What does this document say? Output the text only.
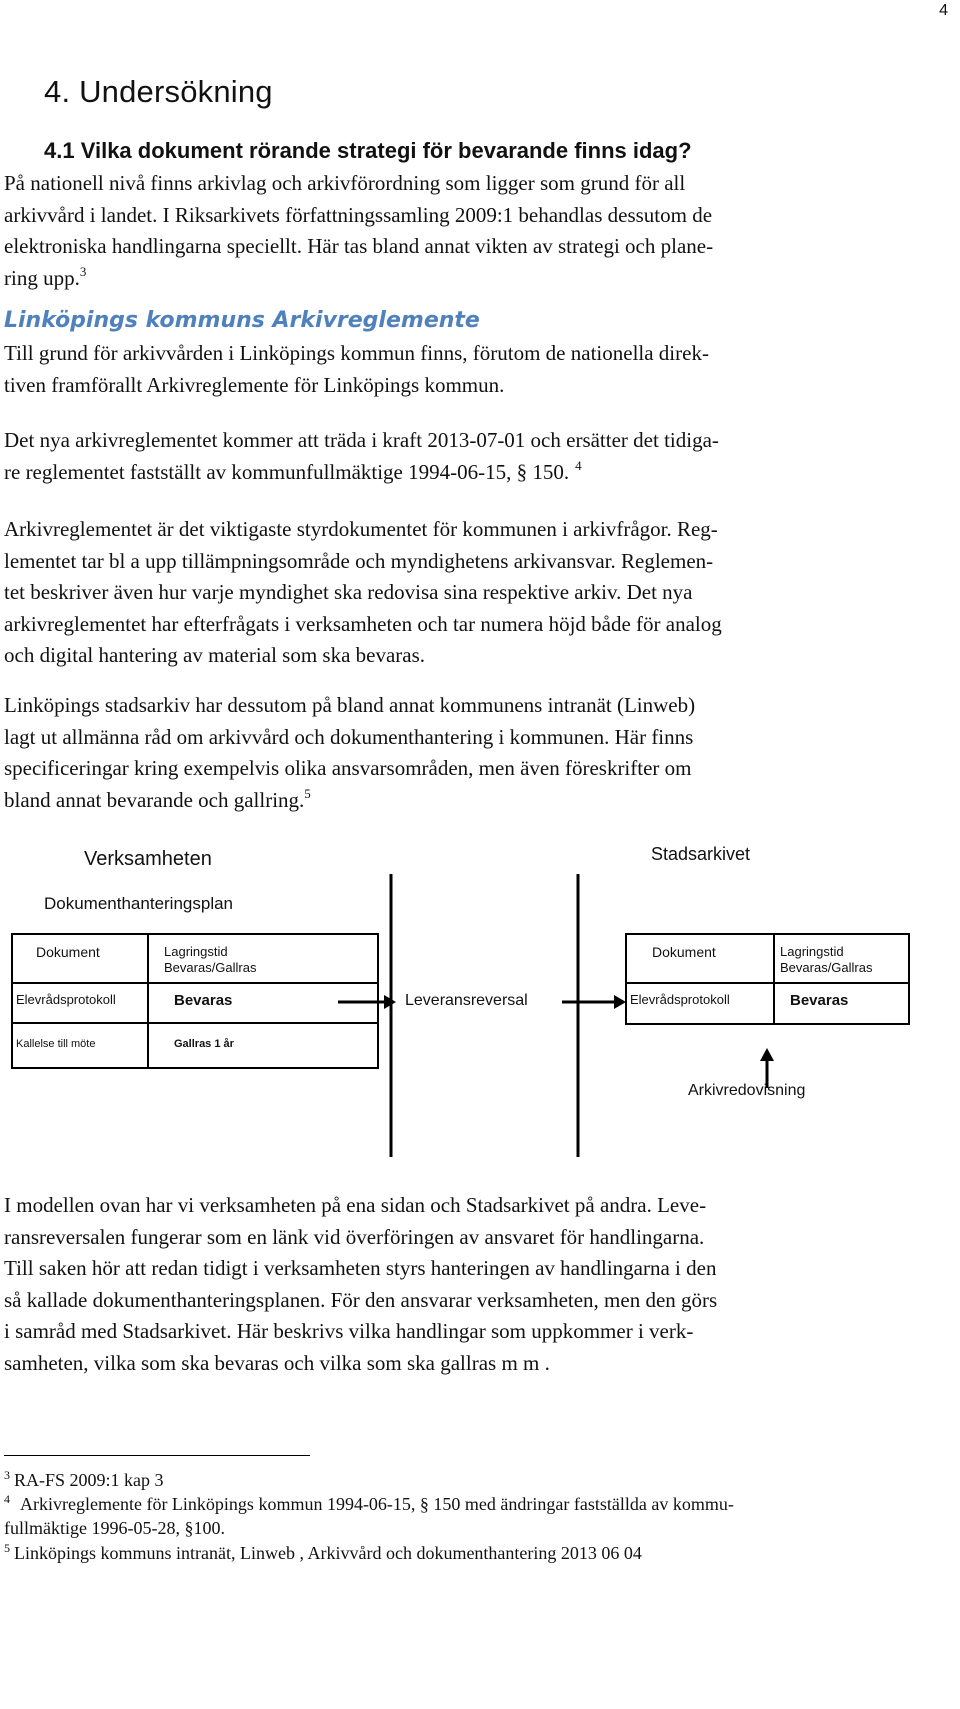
4
4. Undersökning
4.1 Vilka dokument rörande strategi för bevarande finns idag?

På nationell nivå finns arkivlag och arkivförordning som ligger som grund för all
arkivvård i landet. I Riksarkivets författningssamling 2009:1 behandlas dessutom de
elektroniska handlingarna speciellt. Här tas bland annat vikten av strategi och plane-
ring upp.$^3$

Linköpings kommuns Arkivreglemente

Till grund för arkivvården i Linköpings kommun finns, förutom de nationella direk-
tiven framförallt Arkivreglemente för Linköpings kommun.

Det nya arkivreglementet kommer att träda i kraft 2013-07-01 och ersätter det tidiga-
re reglementet fastställt av kommunfullmäktige 1994-06-15, § 150. $^4$

Arkivreglementet är det viktigaste styrdokumentet för kommunen i arkivfrågor. Reg-
lementet tar bl a upp tillämpningsområde och myndighetens arkivansvar. Reglemen-
tet beskriver även hur varje myndighet ska redovisa sina respektive arkiv. Det nya
arkivreglementet har efterfrågats i verksamheten och tar numera höjd både för analog
och digital hantering av material som ska bevaras.

Linköpings stadsarkiv har dessutom på bland annat kommunens intranät (Linweb)
lagt ut allmänna råd om arkivvård och dokumenthantering i kommunen. Här finns
specificeringar kring exempelvis olika ansvarsområden, men även föreskrifter om
bland annat bevarande och gallring.$^5$

Verksamheten
Dokumenthanteringsplan
Stadsarkivet
Dokument	Lagringstid
Bevaras/Gallras
Elevrådsprotokoll	Bevaras
Kallelse till möte	Gallras 1 år
Dokument	Lagringstid
Bevaras/Gallras
Elevrådsprotokoll	Bevaras
Leveransreversal
Arkivredovisning

I modellen ovan har vi verksamheten på ena sidan och Stadsarkivet på andra. Leve-
ransreversalen fungerar som en länk vid överföringen av ansvaret för handlingarna.
Till saken hör att redan tidigt i verksamheten styrs hanteringen av handlingarna i den
så kallade dokumenthanteringsplanen. För den ansvarar verksamheten, men den görs
i samråd med Stadsarkivet. Här beskrivs vilka handlingar som uppkommer i verk-
samheten, vilka som ska bevaras och vilka som ska gallras m m .

$^3$ RA-FS 2009:1 kap 3

$^4$ Arkivreglemente för Linköpings kommun 1994-06-15, § 150 med ändringar fastställda av kommu-
fullmäktige 1996-05-28, §100.

$^5$ Linköpings kommuns intranät, Linweb , Arkivvård och dokumenthantering 2013 06 04
